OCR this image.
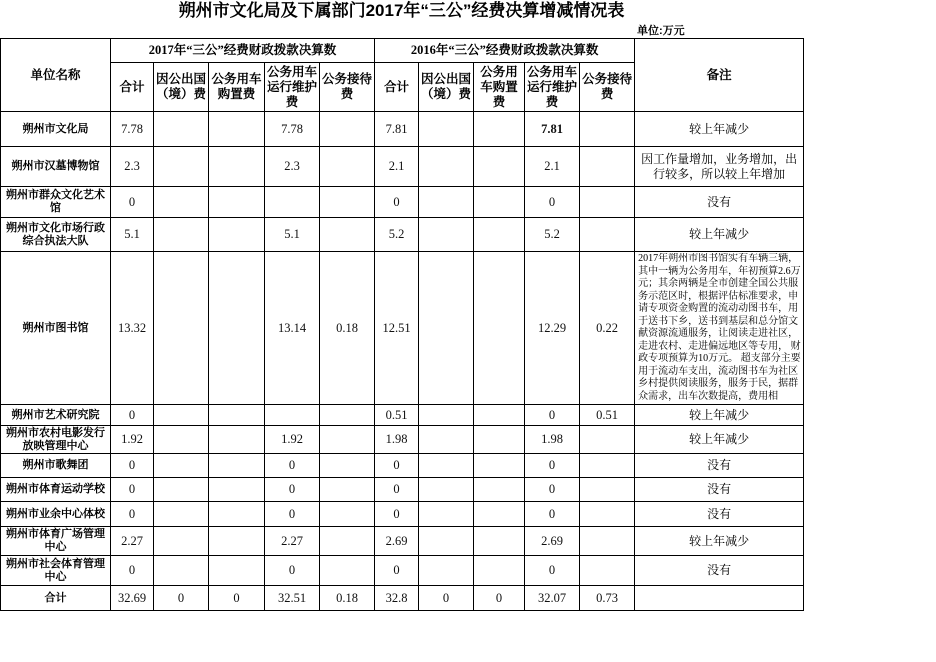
朔州市文化局及下属部门2017年“三公”经费决算增减情况表
单位:万元
单位名称	2017年“三公”经费财政拨款决算数					2016年“三公”经费财政拨款决算数					备注
	合计	因公出国（境）费	公务用车购置费	公务用车运行维护费	公务接待费	合计	因公出国（境）费	公务用车购置费	公务用车运行维护费	公务接待费	
朔州市文化局	7.78			7.78		7.81			7.81		较上年减少

朔州市汉墓博物馆	2.3			2.3		2.1			2.1		因工作量增加，业务增加，出行较多，所以较上年增加

朔州市群众文化艺术馆	0					0			0		没有

朔州市文化市场行政综合执法大队	5.1			5.1		5.2			5.2		较上年减少

朔州市图书馆	13.32			13.14	0.18	12.51			12.29	0.22	2017年朔州市图书馆实有车辆三辆， 其中一辆为公务用车，年初预算2.6万元；其余两辆是全市创建全国公共服务示范区时，根据评估标准要求，申请专项资金购置的流动动图书车，用于送书下乡，送书到基层和总分馆文献资源流通服务，让阅读走进社区，走进农村、走进偏远地区等专用， 财政专项预算为10万元。 超支部分主要用于流动车支出，流动图书车为社区乡村提供阅读服务，服务于民，据群众需求，出车次数提高，费用相

朔州市艺术研究院	0					0.51			0	0.51	较上年减少

朔州市农村电影发行放映管理中心	1.92			1.92		1.98			1.98		较上年减少

朔州市歌舞团	0			0		0			0		没有

朔州市体育运动学校	0			0		0			0		没有

朔州市业余中心体校	0			0		0			0		没有

朔州市体育广场管理中心	2.27			2.27		2.69			2.69		较上年减少

朔州市社会体育管理中心	0			0		0			0		没有

合计	32.69	0	0	32.51	0.18	32.8	0	0	32.07	0.73	
